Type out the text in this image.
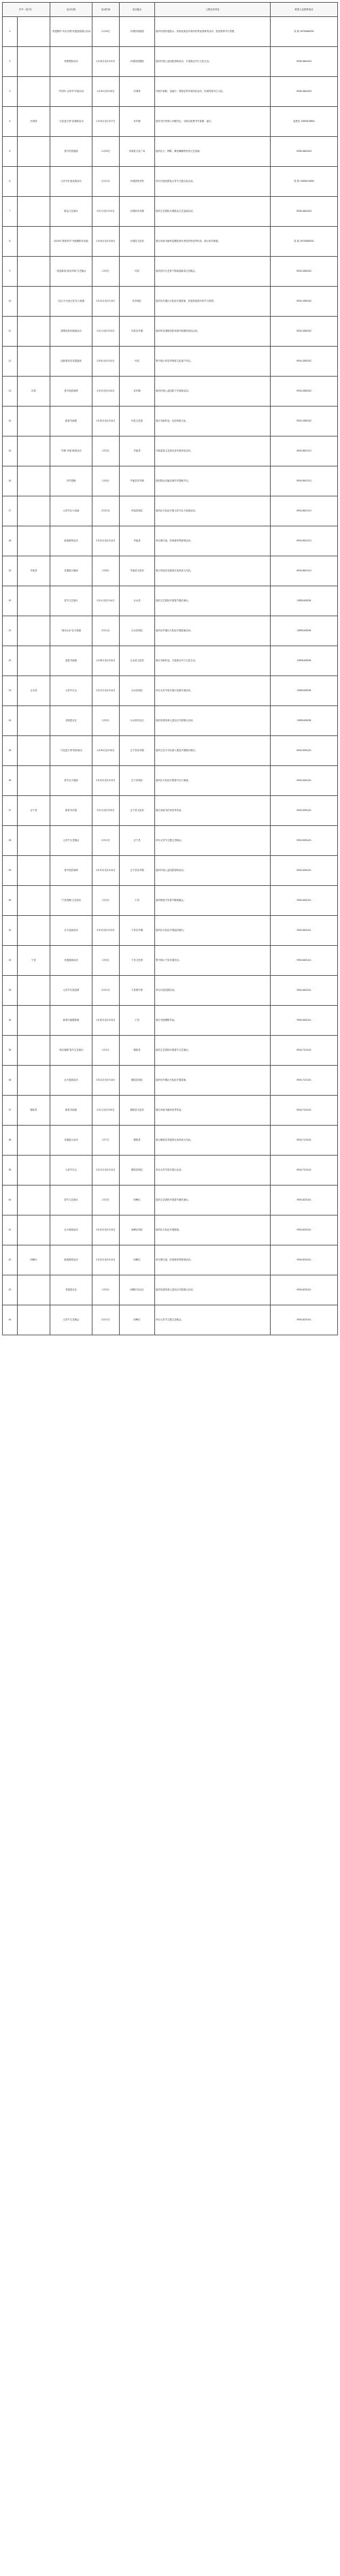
序号（县/市）		活动名称	活动时间	活动地点	主要活动内容	联系人及联系电话
1		“非遗薪传·年在庆城”非遗迎春展示活动	1月18日	庆城县周祖陵	组织开展非遗展示、民俗表演及年俗体验等迎春系列活动，营造浓厚节日氛围。	袁 韵 18793485291
2		免费观影活动	1月18日至2月10日	庆城县影剧院	组织开展公益电影放映活动，丰富群众节日文化生活。	0935-3642343
3		“中国年·吉祥年”年俗活动	1月20日至2月8日	庆城县	开展写春联、送福字、剪窗花等年俗体验活动，传承传统节日文化。	0935-3642343
4	庆城县	“文化进万家”送春联活动	1月24日至1月27日	各乡镇	组织书法家深入乡镇村社，为群众免费书写春联、福字。	赵晨光 13993476851
5		春节民俗展演	1月29日	庆城县文化广场	组织社火、秧歌、舞龙舞狮等民俗文艺表演。	0935-3642343
6		元宵节灯谜竞猜活动	2月12日	庆城县图书馆	举办灯谜竞猜及元宵节主题文化活动。	张 婷 13993474839
7		群众文艺演出	2月1日至2月12日	庆城县各乡镇	组织文艺团队开展群众文艺巡演活动。	0935-3642343
8		2024年“我的家乡”书画摄影作品展	1月26日至2月26日	庆城县文化馆	展出本地书画家及摄影爱好者创作的优秀作品，展示家乡新貌。	袁 韵 18793485291
9		“喜迎新春·欢乐祥和”文艺晚会	2月5日	环县	组织县内文艺骨干排演迎新春文艺晚会。	0934-3352432
10		“红红火火闹元宵”社火展演	2月11日至2月13日	环县城区	组织各乡镇社火队伍开展展演，营造热闹喜庆的节日氛围。	0934-3352432
11		道情皮影戏展演活动	2月1日至2月13日	环县各乡镇	组织环县道情皮影戏班开展惠民演出活动。	0934-3352432
12		迎新春环县非遗展演	2月8日至2月10日	环县	集中展示环县非物质文化遗产项目。	0934-3352432
13	环县	春节电影放映	2月9日至2月24日	各乡镇	组织开展公益电影下乡放映活动。	0934-3352432
14		新春书画展	1月30日至2月24日	环县文化馆	展出书画作品，弘扬传统文化。	0934-3352432
15		“年味·华池”新春活动	2月3日	华池县	开展迎春文艺演出及年俗体验活动。	0934-5612121
16		乡村春晚	2月6日	华池县各乡镇	组织群众自编自演乡村春晚节目。	0934-5612121
17		元宵节社火表演	2月12日	华池县城区	组织社火队伍开展元宵节社火表演活动。	0934-5612121
18		新春游园活动	2月10日至2月14日	华池县	举办猜灯谜、民俗游戏等游园活动。	0934-5612121
19	华池县	非遗展示展演	2月8日	华池县文化馆	展示华池县非遗项目及传承人作品。	0934-5612121
20		春节文艺演出	2月4日至2月14日	合水县	组织文艺团体开展春节惠民演出。	13993405236
21		“欢乐合水”社火展演	2月11日	合水县城区	组织各乡镇社火队伍开展展演活动。	13993405236
22		迎春书画展	1月28日至2月20日	合水县文化馆	展出书画作品，丰富群众节日文化生活。	13993405236
23	合水县	元宵节灯会	2月12日至2月14日	合水县城区	举办元宵节彩灯展示及猜灯谜活动。	13993405236
24		非遗进社区	2月5日	合水县各社区	组织非遗传承人进社区开展展示活动。	13993405236
25		“文化进万家”慰问演出	1月25日至2月8日	正宁县各乡镇	组织文艺小分队深入基层开展慰问演出。	0934-5251121
26		春节社火展演	2月10日至2月13日	正宁县城区	组织社火队伍开展春节社火展演。	0934-5251121
27	正宁县	新春书法展	2月1日至2月20日	正宁县文化馆	展出本地书法家优秀作品。	0934-5251121
28		元宵节文艺晚会	2月12日	正宁县	举办元宵节主题文艺晚会。	0934-5251121
29		春节电影放映	2月10日至2月24日	正宁县各乡镇	组织开展公益电影放映活动。	0934-5251121
30		“宁县春晚”文艺演出	2月3日	宁县	组织排演宁县春节联欢晚会。	0934-6621111
31		社火巡演活动	2月9日至2月13日	宁县各乡镇	组织社火队伍开展巡回演出。	0934-6621111
32	宁县	非遗展演活动	2月6日	宁县文化馆	集中展示宁县非遗项目。	0934-6621111
33		元宵节灯谜竞猜	2月12日	宁县图书馆	举办灯谜竞猜活动。	0934-6621111
34		新春书画摄影展	1月30日至2月24日	宁县	展出书画摄影作品。	0934-6621111
35		“欢乐镇原”春节文艺演出	2月4日	镇原县	组织文艺团体开展春节文艺演出。	0934-7121121
36		社火展演活动	2月11日至2月13日	镇原县城区	组织各乡镇社火队伍开展展演。	0934-7121121
37	镇原县	新春书画展	2月1日至2月20日	镇原县文化馆	展出本地书画家优秀作品。	0934-7121121
38		非遗展示活动	2月7日	镇原县	展示镇原县非遗项目及传承人作品。	0934-7121121
39		元宵节灯会	2月12日至2月14日	镇原县城区	举办元宵节彩灯展示活动。	0934-7121121
40		春节文艺演出	2月3日	西峰区	组织文艺团体开展春节惠民演出。	0934-8221111
41		社火展演活动	2月10日至2月13日	西峰区城区	组织社火队伍开展展演。	0934-8221111
42	西峰区	新春游园活动	2月10日至2月14日	西峰区	举办猜灯谜、民俗游戏等游园活动。	0934-8221111
43		非遗进社区	2月5日	西峰区各社区	组织非遗传承人进社区开展展示活动。	0934-8221111
44		元宵节文艺晚会	2月12日	西峰区	举办元宵节主题文艺晚会。	0934-8221111
